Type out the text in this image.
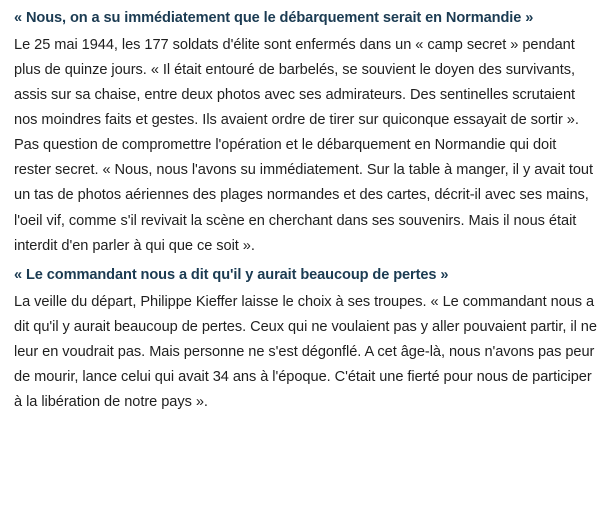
« Nous, on a su immédiatement que le débarquement serait en Normandie »

Le 25 mai 1944, les 177 soldats d'élite sont enfermés dans un « camp secret » pendant plus de quinze jours. « Il était entouré de barbelés, se souvient le doyen des survivants, assis sur sa chaise, entre deux photos avec ses admirateurs. Des sentinelles scrutaient nos moindres faits et gestes. Ils avaient ordre de tirer sur quiconque essayait de sortir ». Pas question de compromettre l'opération et le débarquement en Normandie qui doit rester secret. « Nous, nous l'avons su immédiatement. Sur la table à manger, il y avait tout un tas de photos aériennes des plages normandes et des cartes, décrit-il avec ses mains, l'oeil vif, comme s'il revivait la scène en cherchant dans ses souvenirs. Mais il nous était interdit d'en parler à qui que ce soit ».

« Le commandant nous a dit qu'il y aurait beaucoup de pertes »

La veille du départ, Philippe Kieffer laisse le choix à ses troupes. « Le commandant nous a dit qu'il y aurait beaucoup de pertes. Ceux qui ne voulaient pas y aller pouvaient partir, il ne leur en voudrait pas. Mais personne ne s'est dégonflé. A cet âge-là, nous n'avons pas peur de mourir, lance celui qui avait 34 ans à l'époque. C'était une fierté pour nous de participer à la libération de notre pays ».
